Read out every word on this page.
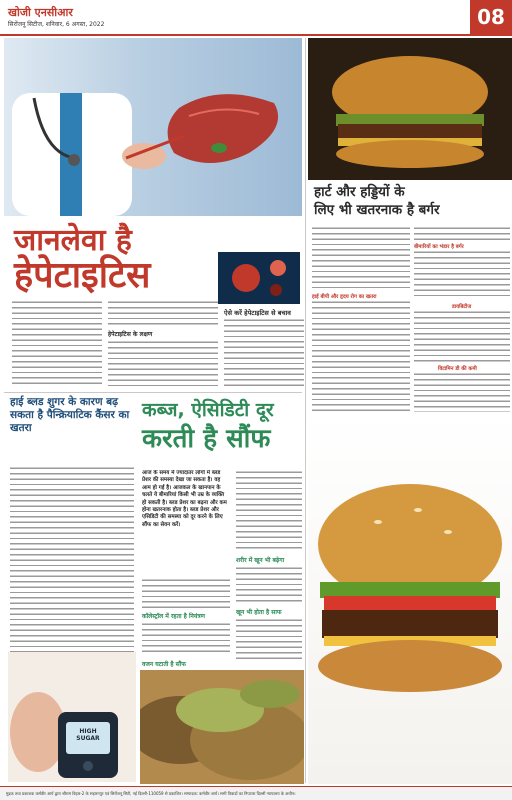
खोजी एनसीआर
सिरोंजनू सिटीज, शनिवार, 6 अगस्त, 2022	08
जानलेवा है
हेपेटाइटिस
हेपेटाइटिस के लक्षण
ऐसे करें हेपेटाइटिस से बचाव
हाई ब्लड शुगर के कारण बढ़ सकता है पैन्क्रियाटिक कैंसर का खतरा
HIGH SUGAR
कब्ज, ऐसिडिटी दूर
करती है सौंफ
आज के समय में ज्यादातर लोगों में ब्लड प्रेशर की समस्या देखा जा सकता है। वह आम हो गई है। आजकल के खानपान के चलते ये बीमारियां किसी भी उम्र के व्यक्ति हो सकती है। ब्लड प्रेशर का बढ़ना और कम होना खतरनाक होता है। ब्लड प्रेशर और एसिडिटी की समस्या को दूर करने के लिए सौंफ का सेवन करें।
शरीर में खून भी बढ़ेगा
खून भी होता है साफ
कॉलेस्ट्रॉल में रहता है नियंत्रण
वजन घटाती है सौंफ
हार्ट और हड्डियों के
लिए भी खतरनाक है बर्गर
हाई बीपी और हृदय रोग का खतरा
बीमारियों का भंडार है बर्गर
डायबिटीज
विटामिन डी की कमी
मुद्रक तथा प्रकाशक कर्मवीर आर्य द्वारा श्रीराम विहार-2 के सहारनपुर एवं सिरोंजनू सिटी, नई दिल्ली-110059 से प्रकाशित। सम्पादक: कर्मवीर आर्य। सभी विवादों का निपटारा दिल्ली न्यायालय के अधीन।
